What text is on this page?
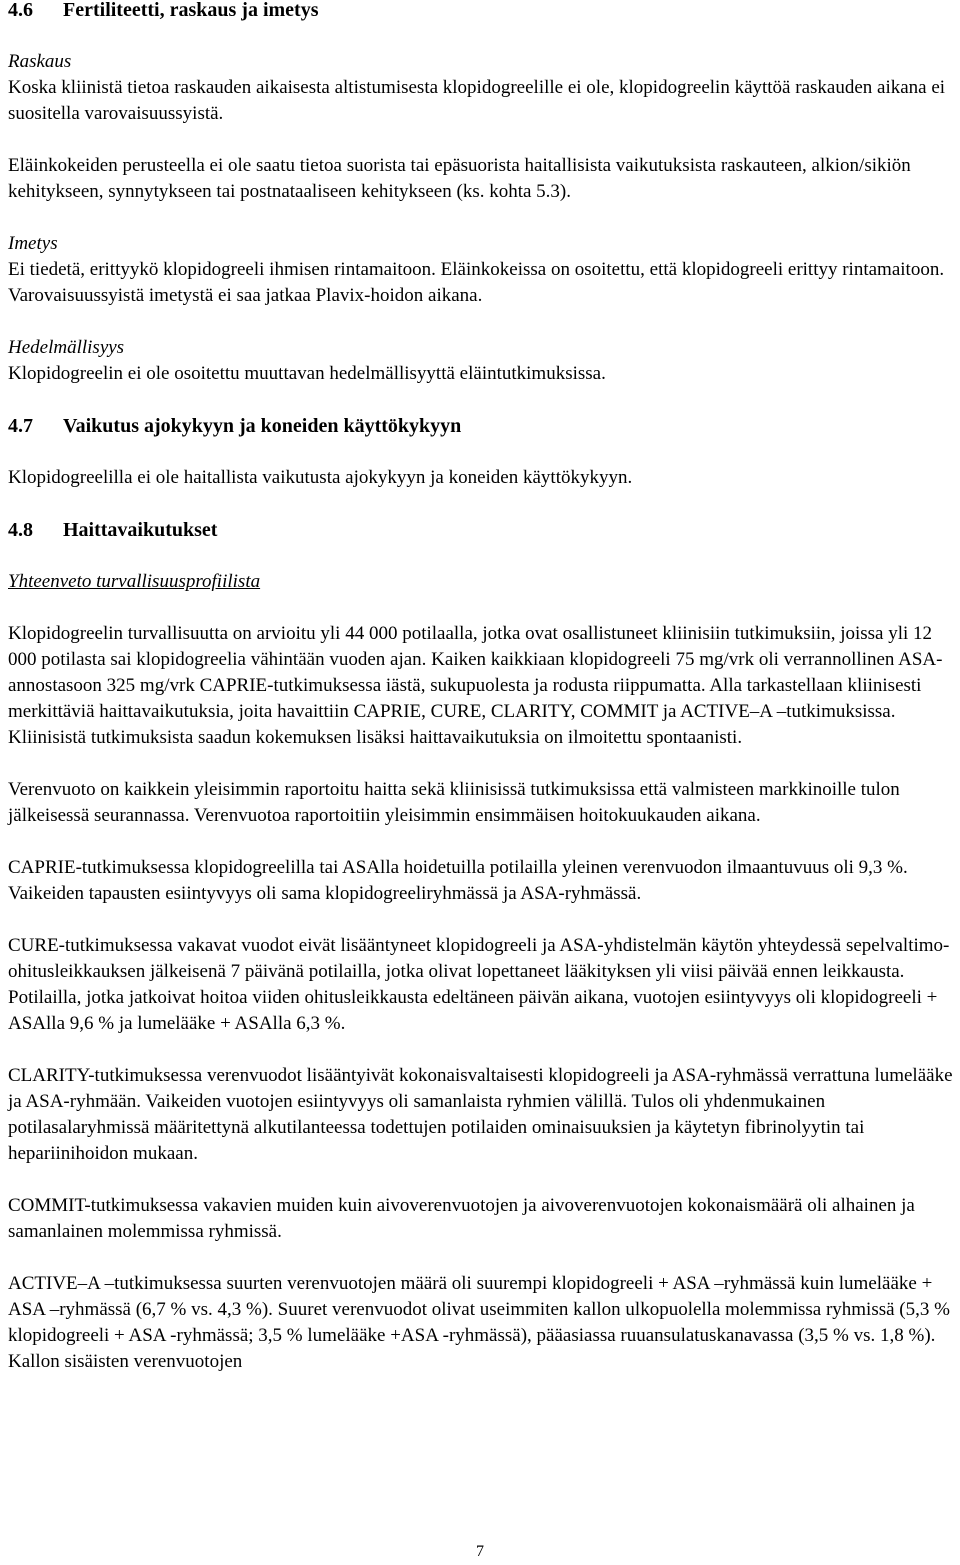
4.6 Fertiliteetti, raskaus ja imetys

Raskaus

Koska kliinistä tietoa raskauden aikaisesta altistumisesta klopidogreelille ei ole, klopidogreelin käyttöä raskauden aikana ei suositella varovaisuussyistä.

Eläinkokeiden perusteella ei ole saatu tietoa suorista tai epäsuorista haitallisista vaikutuksista raskauteen, alkion/sikiön kehitykseen, synnytykseen tai postnataaliseen kehitykseen (ks. kohta 5.3).

Imetys

Ei tiedetä, erittyykö klopidogreeli ihmisen rintamaitoon. Eläinkokeissa on osoitettu, että klopidogreeli erittyy rintamaitoon. Varovaisuussyistä imetystä ei saa jatkaa Plavix-hoidon aikana.

Hedelmällisyys

Klopidogreelin ei ole osoitettu muuttavan hedelmällisyyttä eläintutkimuksissa.

4.7 Vaikutus ajokykyyn ja koneiden käyttökykyyn

Klopidogreelilla ei ole haitallista vaikutusta ajokykyyn ja koneiden käyttökykyyn.

4.8 Haittavaikutukset

Yhteenveto turvallisuusprofiilista

Klopidogreelin turvallisuutta on arvioitu yli 44 000 potilaalla, jotka ovat osallistuneet kliinisiin tutkimuksiin, joissa yli 12 000 potilasta sai klopidogreelia vähintään vuoden ajan. Kaiken kaikkiaan klopidogreeli 75 mg/vrk oli verrannollinen ASA-annostasoon 325 mg/vrk CAPRIE-tutkimuksessa iästä, sukupuolesta ja rodusta riippumatta. Alla tarkastellaan kliinisesti merkittäviä haittavaikutuksia, joita havaittiin CAPRIE, CURE, CLARITY, COMMIT ja ACTIVE–A –tutkimuksissa. Kliinisistä tutkimuksista saadun kokemuksen lisäksi haittavaikutuksia on ilmoitettu spontaanisti.

Verenvuoto on kaikkein yleisimmin raportoitu haitta sekä kliinisissä tutkimuksissa että valmisteen markkinoille tulon jälkeisessä seurannassa. Verenvuotoa raportoitiin yleisimmin ensimmäisen hoitokuukauden aikana.

CAPRIE-tutkimuksessa klopidogreelilla tai ASAlla hoidetuilla potilailla yleinen verenvuodon ilmaantuvuus oli 9,3 %. Vaikeiden tapausten esiintyvyys oli sama klopidogreeliryhmässä ja ASA-ryhmässä.

CURE-tutkimuksessa vakavat vuodot eivät lisääntyneet klopidogreeli ja ASA-yhdistelmän käytön yhteydessä sepelvaltimo-ohitusleikkauksen jälkeisenä 7 päivänä potilailla, jotka olivat lopettaneet lääkityksen yli viisi päivää ennen leikkausta. Potilailla, jotka jatkoivat hoitoa viiden ohitusleikkausta edeltäneen päivän aikana, vuotojen esiintyvyys oli klopidogreeli + ASAlla 9,6 % ja lumelääke + ASAlla 6,3 %.

CLARITY-tutkimuksessa verenvuodot lisääntyivät kokonaisvaltaisesti klopidogreeli ja ASA-ryhmässä verrattuna lumelääke ja ASA-ryhmään. Vaikeiden vuotojen esiintyvyys oli samanlaista ryhmien välillä. Tulos oli yhdenmukainen potilasalaryhmissä määritettynä alkutilanteessa todettujen potilaiden ominaisuuksien ja käytetyn fibrinolyytin tai hepariinihoidon mukaan.

COMMIT-tutkimuksessa vakavien muiden kuin aivoverenvuotojen ja aivoverenvuotojen kokonaismäärä oli alhainen ja samanlainen molemmissa ryhmissä.

ACTIVE–A –tutkimuksessa suurten verenvuotojen määrä oli suurempi klopidogreeli + ASA –ryhmässä kuin lumelääke + ASA –ryhmässä (6,7 % vs. 4,3 %). Suuret verenvuodot olivat useimmiten kallon ulkopuolella molemmissa ryhmissä (5,3 % klopidogreeli + ASA -ryhmässä; 3,5 % lumelääke +ASA -ryhmässä), pääasiassa ruuansulatuskanavassa (3,5 % vs. 1,8 %). Kallon sisäisten verenvuotojen

7
